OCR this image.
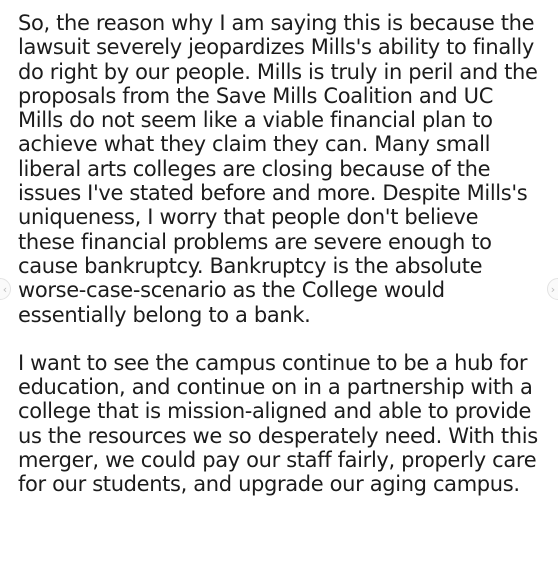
So, the reason why I am saying this is because the
lawsuit severely jeopardizes Mills's ability to finally
do right by our people. Mills is truly in peril and the
proposals from the Save Mills Coalition and UC
Mills do not seem like a viable financial plan to
achieve what they claim they can. Many small
liberal arts colleges are closing because of the
issues I've stated before and more. Despite Mills's
uniqueness, I worry that people don't believe
these financial problems are severe enough to
cause bankruptcy. Bankruptcy is the absolute
worse-case-scenario as the College would
essentially belong to a bank.

I want to see the campus continue to be a hub for
education, and continue on in a partnership with a
college that is mission-aligned and able to provide
us the resources we so desperately need. With this
merger, we could pay our staff fairly, properly care
for our students, and upgrade our aging campus.

‹	›
